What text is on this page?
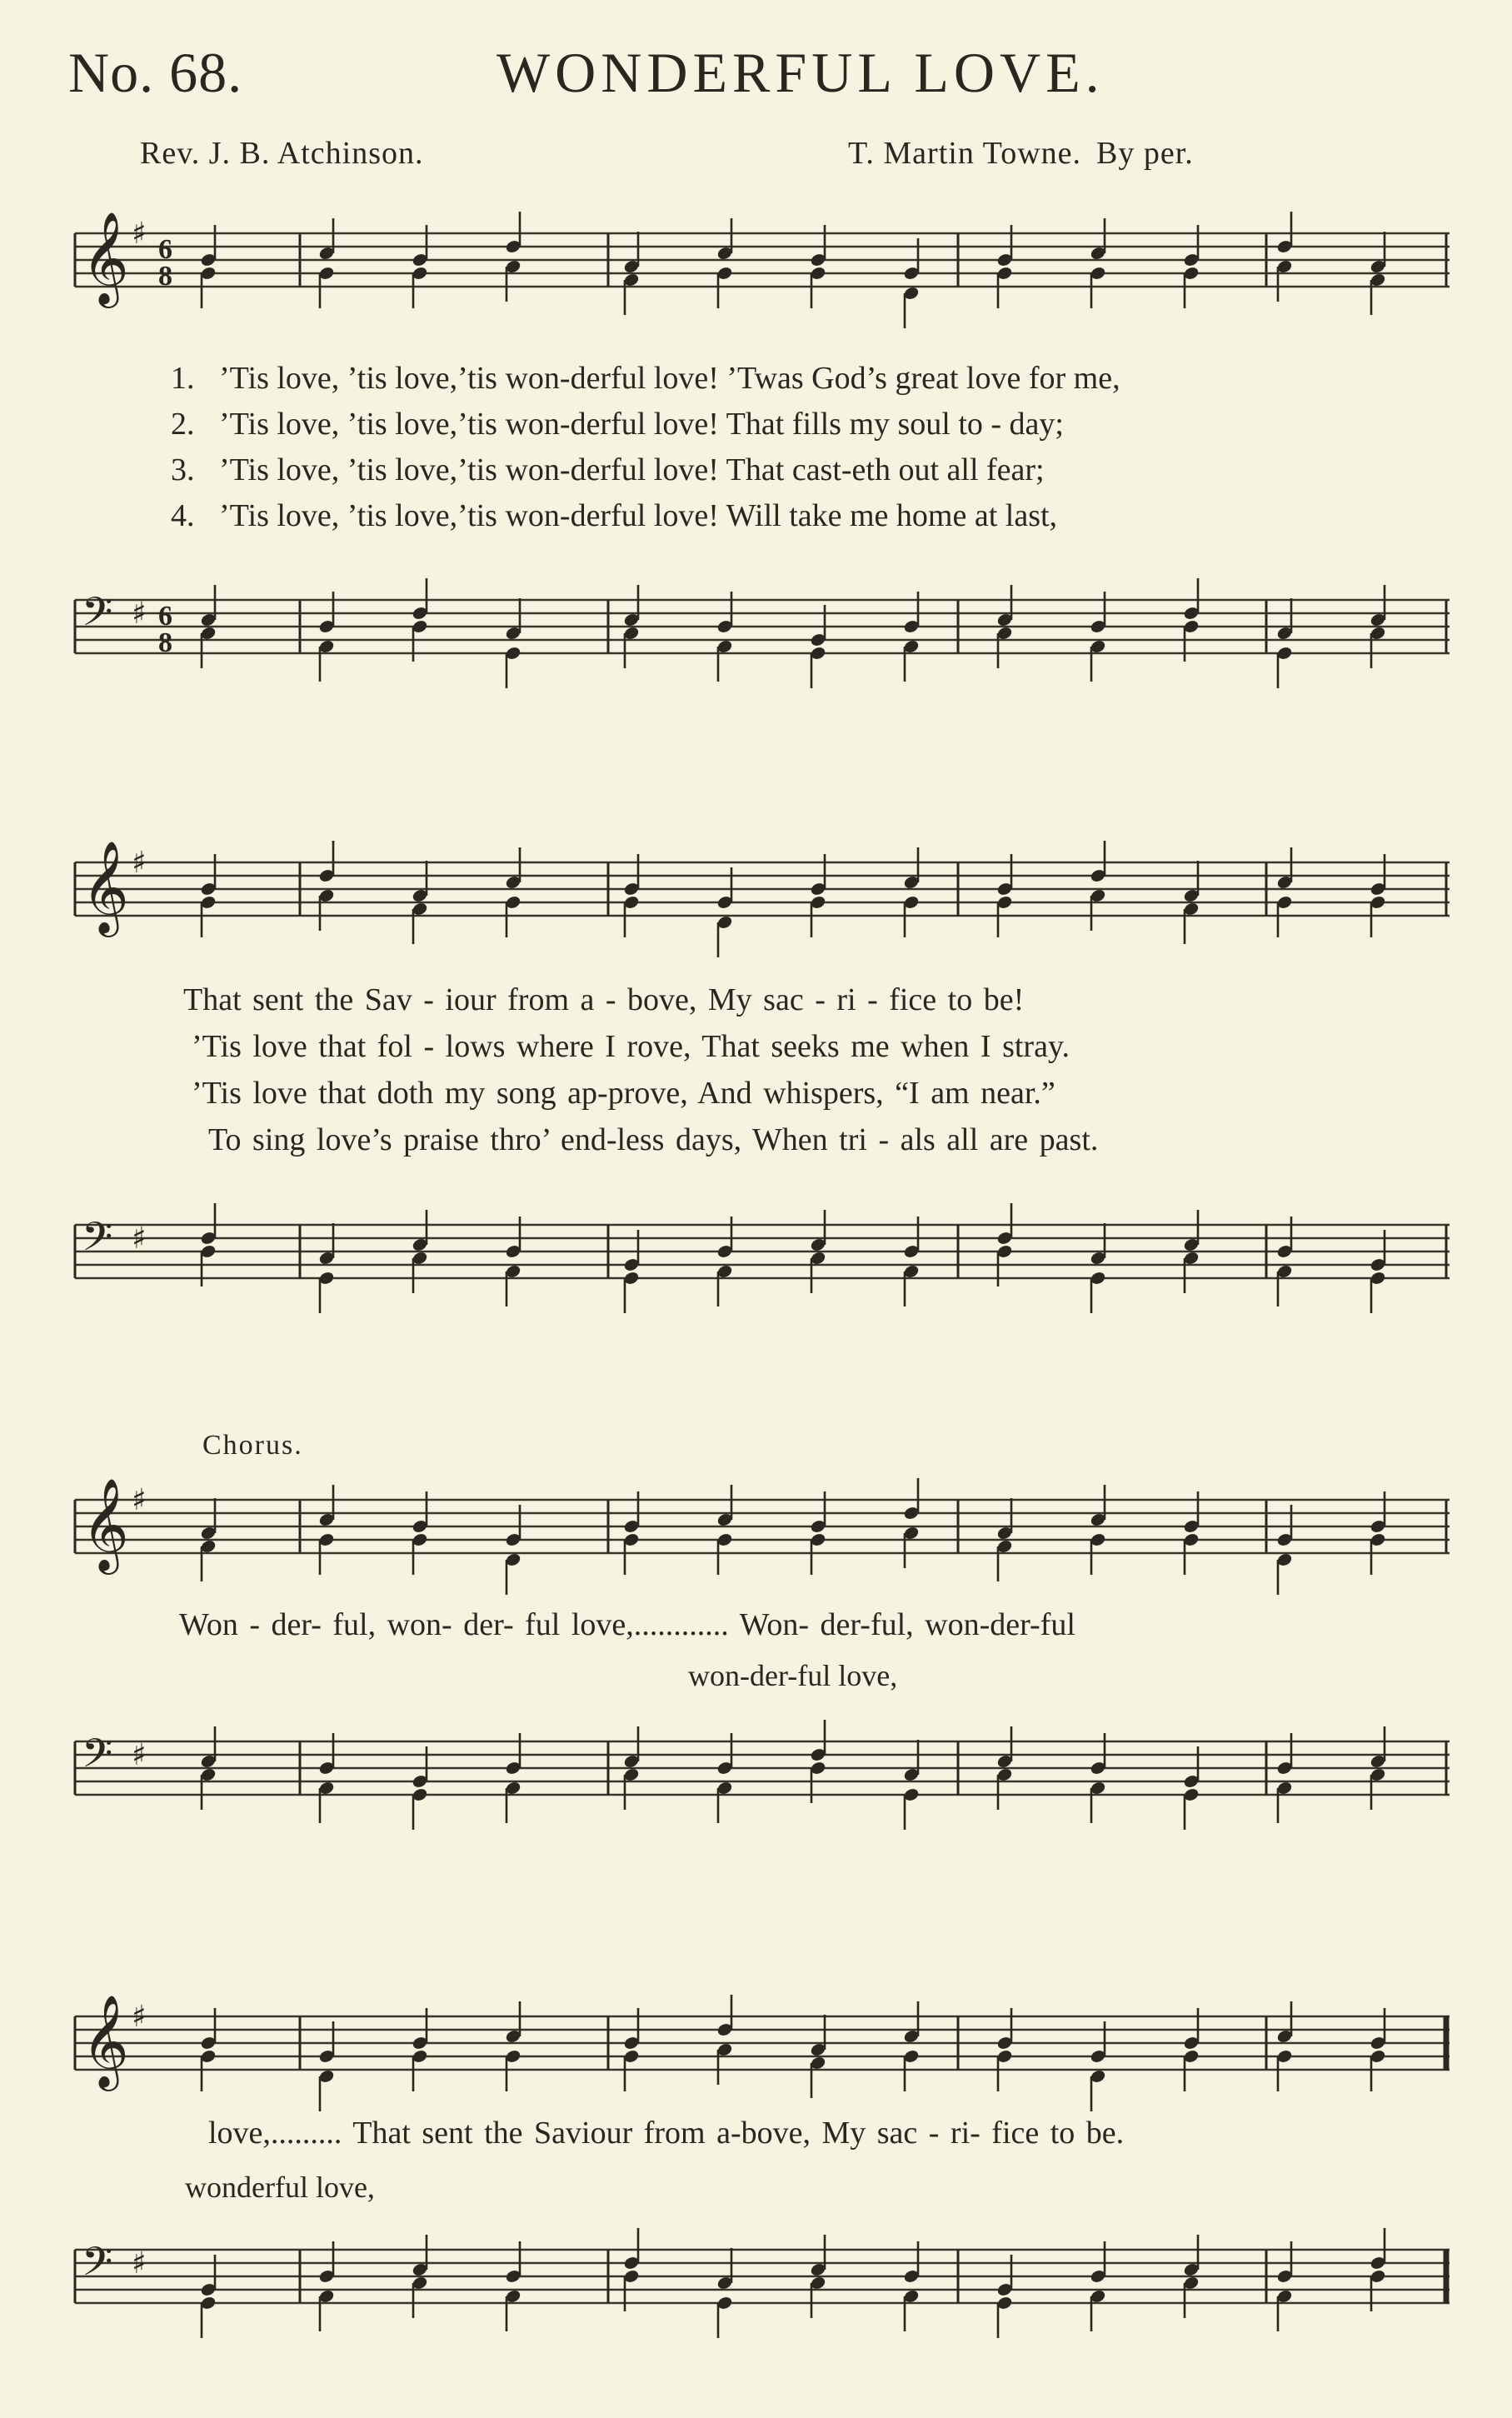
No. 68.	WONDERFUL LOVE.
Rev. J. B. Atchinson.	T. Martin Towne. By per.
𝄞 ♯ 6
8
1. ’Tis love, ’tis love,’tis won-derful love! ’Twas God’s great love for me,
2. ’Tis love, ’tis love,’tis won-derful love! That fills my soul to - day;
3. ’Tis love, ’tis love,’tis won-derful love! That cast-eth out all fear;
4. ’Tis love, ’tis love,’tis won-derful love! Will take me home at last,
𝄢 ♯ 6
8
𝄞 ♯
That sent the Sav - iour from a - bove, My sac - ri - fice to be!
’Tis love that fol - lows where I rove, That seeks me when I stray.
’Tis love that doth my song ap-prove, And whispers, “I am near.”
To sing love’s praise thro’ end-less days, When tri - als all are past.
𝄢 ♯
Chorus.
𝄞 ♯
Won - der- ful, won- der- ful love,............ Won- der-ful, won-der-ful
won-der-ful love,
𝄢 ♯
𝄞 ♯
love,......... That sent the Saviour from a-bove, My sac - ri- fice to be.
wonderful love,
𝄢 ♯
